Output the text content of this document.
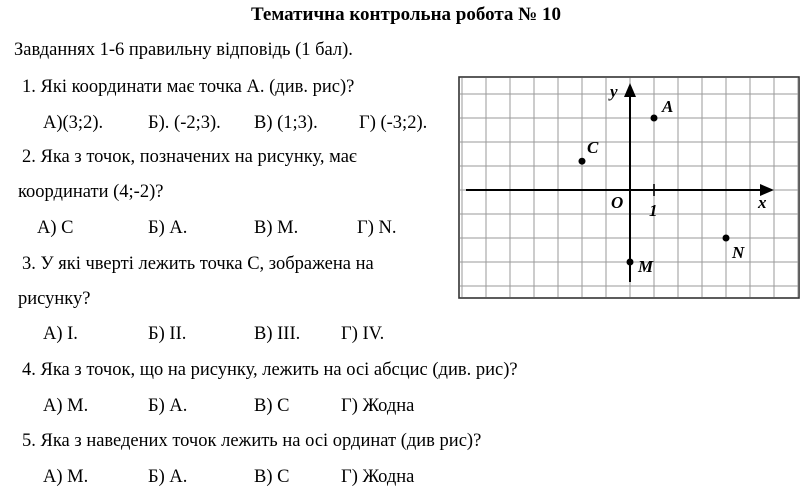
Тематична контрольна робота № 10
Завданнях 1-6 правильну відповідь (1 бал).
1. Які координати має точка А. (див. рис)?
А)(3;2). Б). (-2;3). В) (1;3). Г) (-3;2).
2. Яка з точок, позначених на рисунку, має
координати (4;-2)?
А) С	Б) А.	В) М.	Г) N.
3. У які чверті лежить точка С, зображена на
рисунку?
А) І.	Б) ІІ.	В) ІІІ. Г) ІV.
4. Яка з точок, що на рисунку, лежить на осі абсцис (див. рис)?
А) М.	Б) А.	В) С	Г) Жодна
5. Яка з наведених точок лежить на осі ординат (див рис)?
А) М.	Б) А.	В) С	Г) Жодна
x
y
O 1
A
C
M
N
